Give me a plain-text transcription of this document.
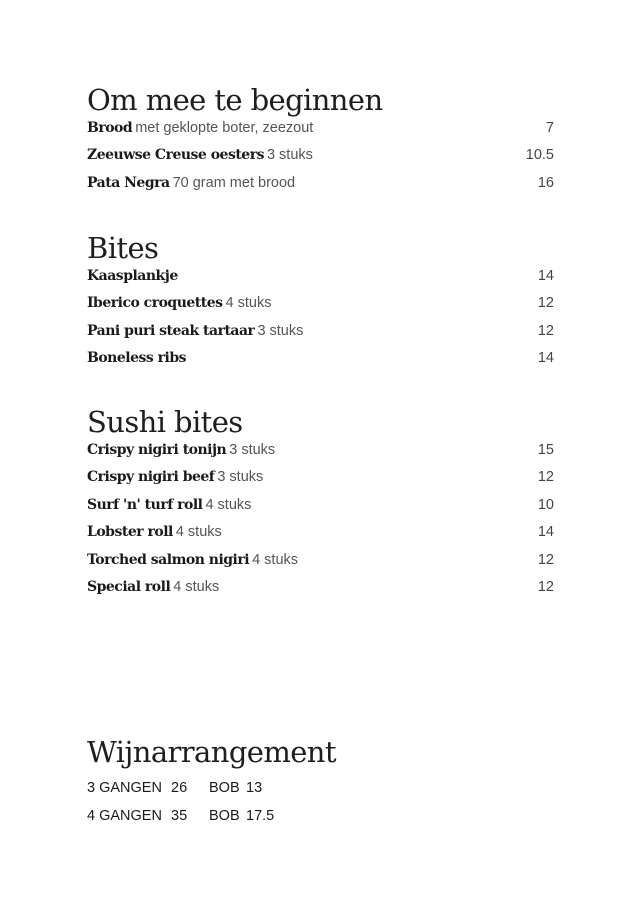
Om mee te beginnen
Brood met geklopte boter, zeezout	7
Zeeuwse Creuse oesters 3 stuks	10.5
Pata Negra 70 gram met brood	16
Bites
Kaasplankje	14
Iberico croquettes 4 stuks	12
Pani puri steak tartaar 3 stuks	12
Boneless ribs	14
Sushi bites
Crispy nigiri tonijn 3 stuks	15
Crispy nigiri beef 3 stuks	12
Surf 'n' turf roll 4 stuks	10
Lobster roll 4 stuks	14
Torched salmon nigiri 4 stuks	12
Special roll 4 stuks	12
Wijnarrangement
3 GANGEN 26 BOB 13
4 GANGEN 35 BOB 17.5
